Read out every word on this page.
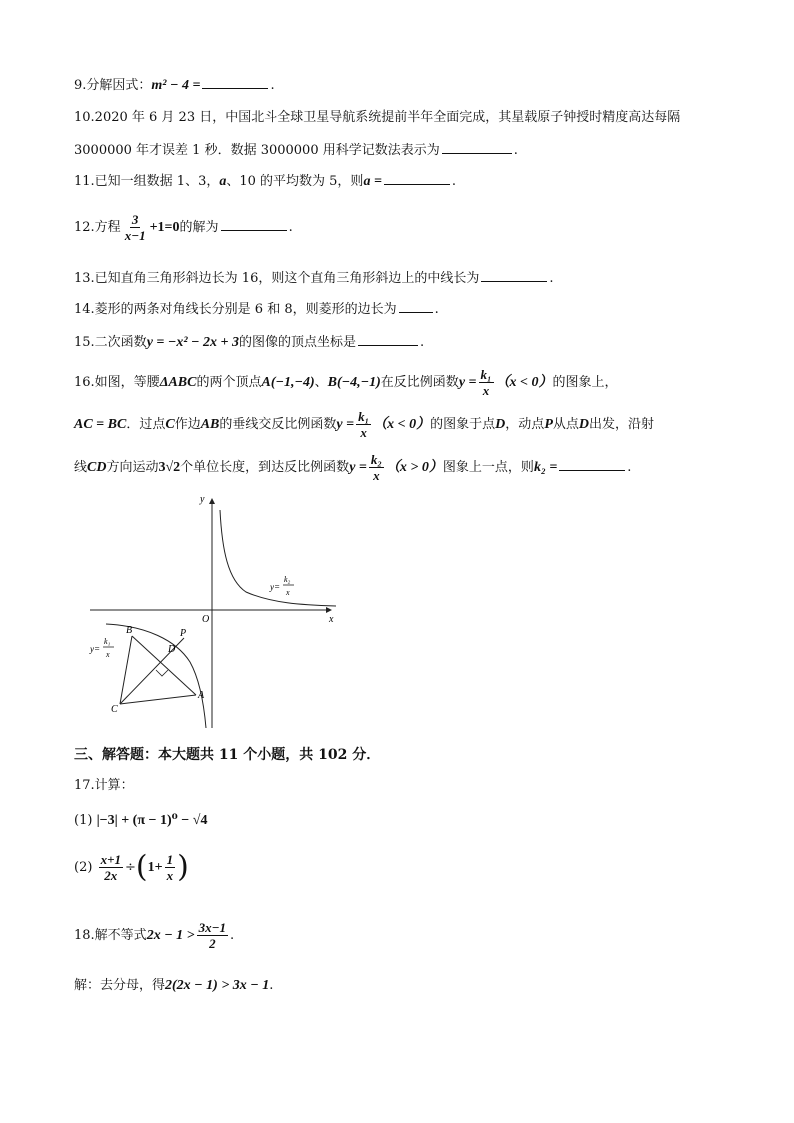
9.分解因式：m² − 4 =	.
10.2020 年 6 月 23 日，中国北斗全球卫星导航系统提前半年全面完成，其星载原子钟授时精度高达每隔
3000000 年才误差 1 秒．数据 3000000 用科学记数法表示为	.
11.已知一组数据 1、3，a、10 的平均数为 5，则a =	.
12.方程 $\frac{3}{x-1} +1=0$的解为	.
13.已知直角三角形斜边长为 16，则这个直角三角形斜边上的中线长为	.
14.菱形的两条对角线长分别是 6 和 8，则菱形的边长为	.
15.二次函数y = −x² − 2x + 3的图像的顶点坐标是	.
16.如图，等腰ΔABC的两个顶点A(−1,−4)、B(−4,−1)在反比例函数$y = \frac{\text{k₁}}{x} (x < 0)$的图象上，
AC = BC．过点C作边AB的垂线交反比例函数$y = \frac{\text{k₁}}{x} (x < 0)$的图象于点D，动点P从点D出发，沿射
线CD方向运动3√2个单位长度，到达反比例函数$y = \frac{\text{k₂}}{x} (x > 0)$图象上一点，则k₂ =	.
y
x
O
y=
k₂
x
y=
k₁
x
B
C
A
D
P
三、解答题：本大题共 11 个小题，共 102 分．
17.计算：
(1) |−3| + (π − 1)⁰ − √4
$(2) \frac{x+1}{2x} \div(1+ \frac{1}{x}$ )
18.解不等式$2x - 1 > \frac{3x-1}{2}$ .
解：去分母，得2(2x − 1) > 3x − 1.
